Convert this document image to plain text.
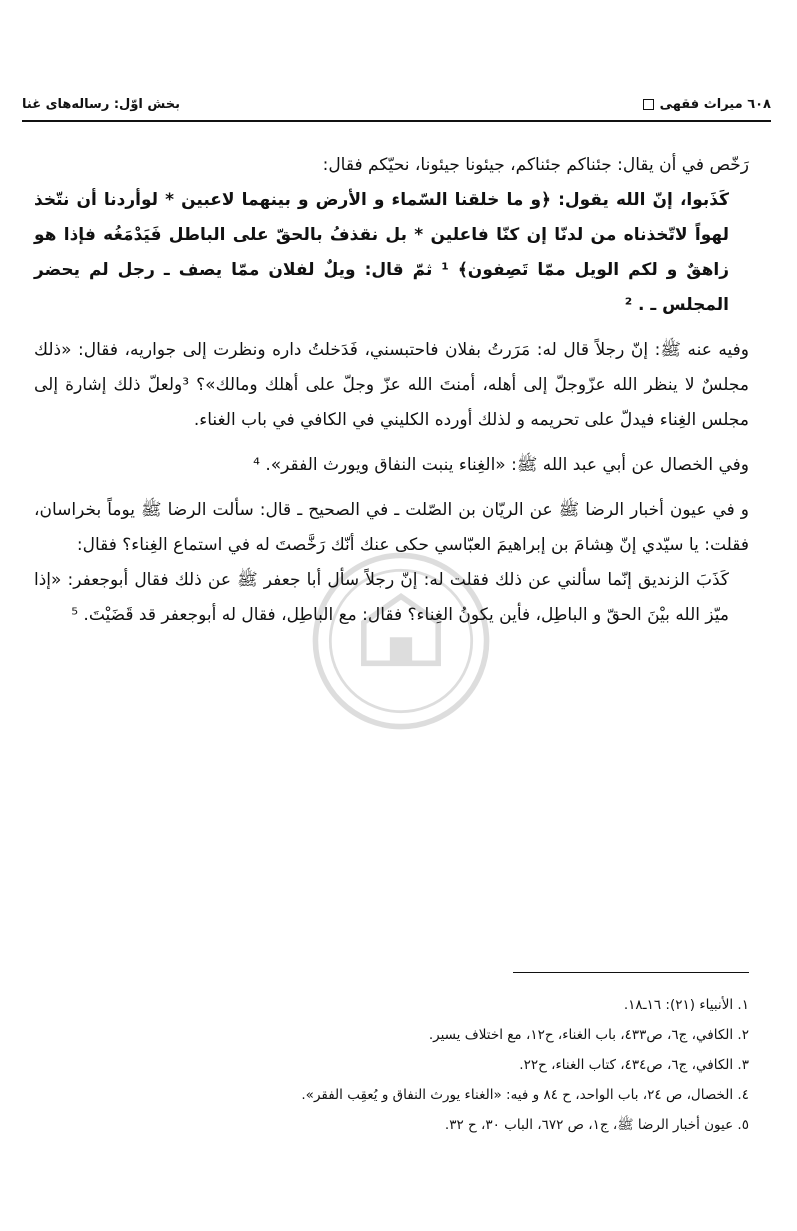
٦٠٨ ميراث فقهى
بخش اوّل: رساله‌هاى غنا

رَخّص في أن يقال: جئناكم جئناكم، جيئونا جيئونا، نحيّكم فقال:

كَذَبوا، إنّ الله يقول: ﴿و ما خلقنا السّماء و الأرض و بينهما لاعبين * لوأردنا أن نتّخذ لهواً لاتّخذناه من لدنّا إن كنّا فاعلين * بل نقذفُ بالحقّ على الباطل فَيَدْمَغُه فإذا هو زاهقٌ و لكم الويل ممّا تَصِفون﴾ ¹ ثمّ قال: ويلٌ لفلان ممّا يصف ـ رجل لم يحضر المجلس ـ . ²

وفيه عنه ﷺ: إنّ رجلاً قال له: مَرَرتُ بفلان فاحتبسني، فَدَخلتُ داره ونظرت إلى جواريه، فقال: «ذلك مجلسٌ لا ينظر الله عزّوجلّ إلى أهله، أمنتَ الله عزّ وجلّ على أهلك ومالك»؟ ³ولعلّ ذلك إشارة إلى مجلس الغِناء فيدلّ على تحريمه و لذلك أورده الكليني في الكافي في باب الغناء.

وفي الخصال عن أبي عبد الله ﷺ: «الغِناء ينبت النفاق ويورث الفقر». ⁴

و في عيون أخبار الرضا ﷺ عن الريّان بن الصّلت ـ في الصحيح ـ قال: سألت الرضا ﷺ يوماً بخراسان، فقلت: يا سيّدي إنّ هِشامَ بن إبراهيمَ العبّاسي حكى عنك أنّك رَخَّصتَ له في استماع الغِناء؟ فقال:

كَذَبَ الزنديق إنّما سألني عن ذلك فقلت له: إنّ رجلاً سأل أبا جعفر ﷺ عن ذلك فقال أبوجعفر: «إذا ميّز الله بيْنَ الحقّ و الباطِل، فأين يكونُ الغِناء؟ فقال: مع الباطِل، فقال له أبوجعفر قد قَضَيْتَ. ⁵

١. الأنبياء (٢١): ١٦ـ١٨.
٢. الكافي، ج٦، ص٤٣٣، باب الغناء، ح١٢، مع اختلاف يسير.
٣. الكافي، ج٦، ص٤٣٤، كتاب الغناء، ح٢٢.
٤. الخصال، ص ٢٤، باب الواحد، ح ٨٤ و فيه: «الغناء يورث النفاق و يُعقِب الفقر».
٥. عيون أخبار الرضا ﷺ، ج١، ص ٦٧٢، الباب ٣٠، ح ٣٢.
